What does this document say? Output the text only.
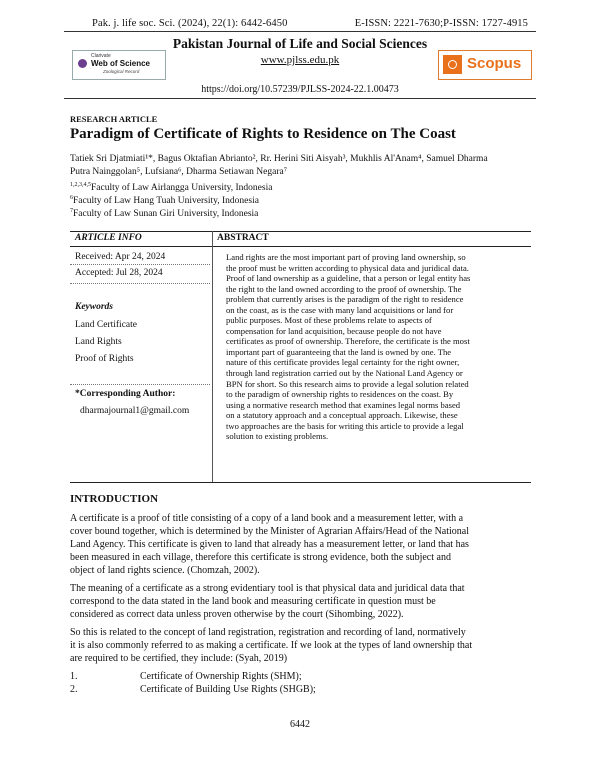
Pak. j. life soc. Sci. (2024), 22(1): 6442-6450	E-ISSN: 2221-7630;P-ISSN: 1727-4915
Pakistan Journal of Life and Social Sciences
www.pjlss.edu.pk
Clarivate
Web of Science
Zoological Record	Scopus
https://doi.org/10.57239/PJLSS-2024-22.1.00473
RESEARCH ARTICLE
Paradigm of Certificate of Rights to Residence on The Coast
Tatiek Sri Djatmiati¹*, Bagus Oktafian Abrianto², Rr. Herini Siti Aisyah³, Mukhlis Al'Anam⁴, Samuel Dharma
Putra Nainggolan⁵, Lufsiana⁶, Dharma Setiawan Negara⁷
$^{1,2,3,4,5}$Faculty of Law Airlangga University, Indonesia
$^6$Faculty of Law Hang Tuah University, Indonesia
$^7$Faculty of Law Sunan Giri University, Indonesia
ARTICLE INFO	ABSTRACT
Received: Apr 24, 2024
Accepted: Jul 28, 2024
Keywords
Land Certificate
Land Rights
Proof of Rights
*Corresponding Author:
dharmajournal1@gmail.com
Land rights are the most important part of proving land ownership, so
the proof must be written according to physical data and juridical data.
Proof of land ownership as a guideline, that a person or legal entity has
the right to the land owned according to the proof of ownership. The
problem that currently arises is the paradigm of the right to residence
on the coast, as is the case with many land acquisitions or land for
public purposes. Most of these problems relate to aspects of
compensation for land acquisition, because people do not have
certificates as proof of ownership. Therefore, the certificate is the most
important part of guaranteeing that the land is owned by one. The
nature of this certificate provides legal certainty for the right owner,
through land registration carried out by the National Land Agency or
BPN for short. So this research aims to provide a legal solution related
to the paradigm of ownership rights to residences on the coast. By
using a normative research method that examines legal norms based
on a statutory approach and a conceptual approach. Likewise, these
two approaches are the basis for writing this article to provide a legal
solution to existing problems.
INTRODUCTION
A certificate is a proof of title consisting of a copy of a land book and a measurement letter, with a
cover bound together, which is determined by the Minister of Agrarian Affairs/Head of the National
Land Agency. This certificate is given to land that already has a measurement letter, or land that has
been measured in each village, therefore this certificate is strong evidence, both the subject and
object of land rights science. (Chomzah, 2002).
The meaning of a certificate as a strong evidentiary tool is that physical data and juridical data that
correspond to the data stated in the land book and measuring certificate in question must be
considered as correct data unless proven otherwise by the court (Sihombing, 2022).
So this is related to the concept of land registration, registration and recording of land, normatively
it is also commonly referred to as making a certificate. If we look at the types of land ownership that
are required to be certified, they include: (Syah, 2019)
1.	Certificate of Ownership Rights (SHM);
2.	Certificate of Building Use Rights (SHGB);
6442
